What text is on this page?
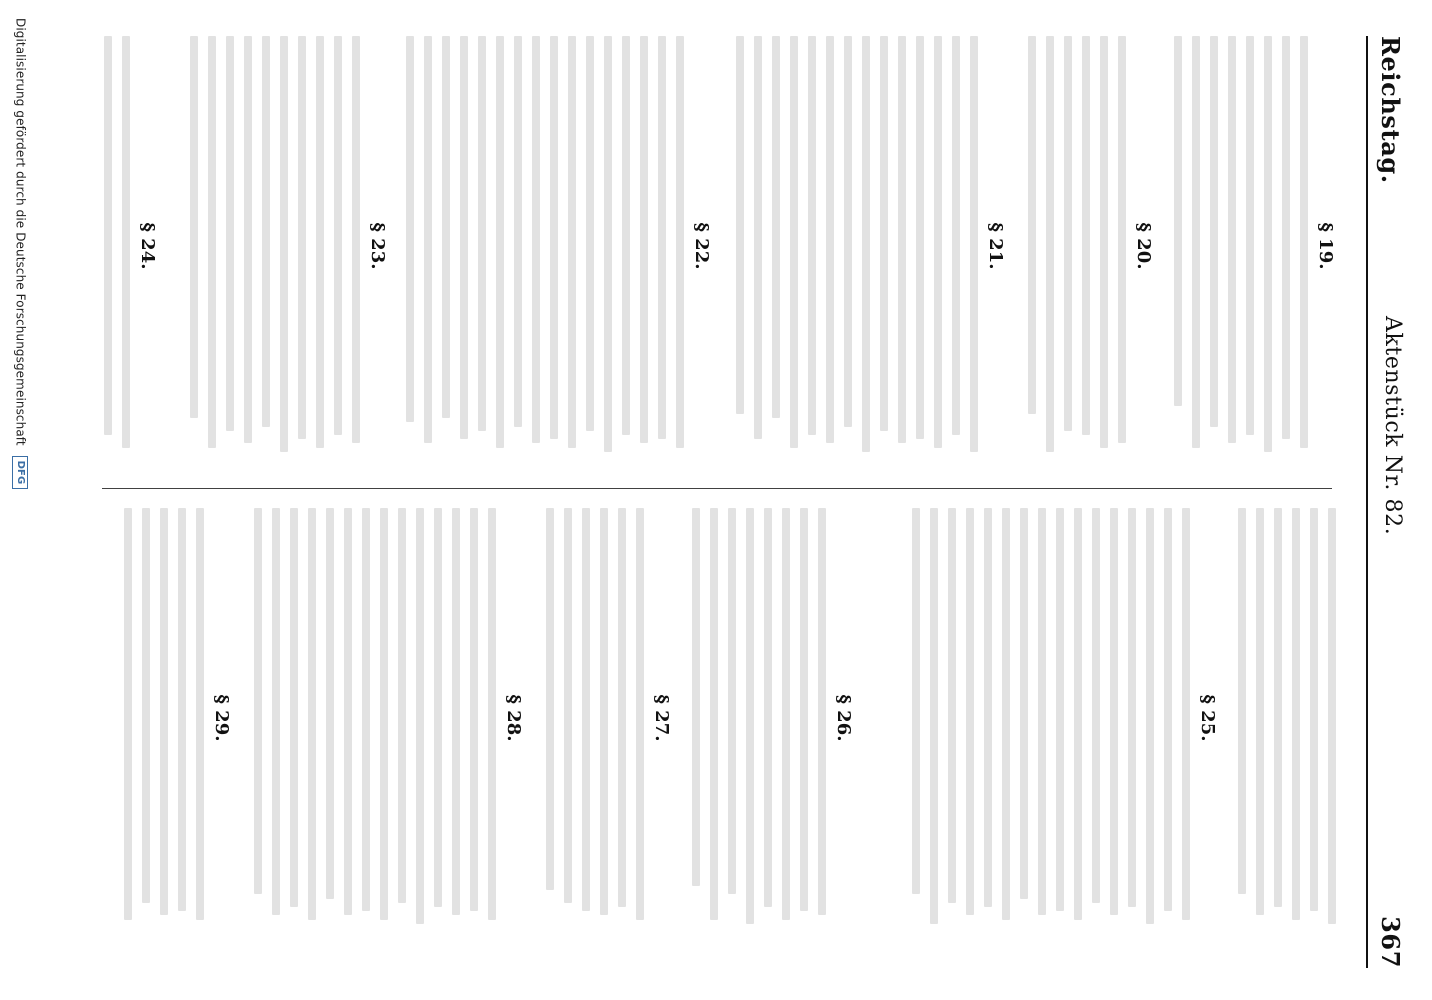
Reichstag.
Aktenstück Nr. 82.
367
§ 19.
§ 20.
§ 21.
§ 22.
§ 23.
§ 24.
§ 25.
§ 26.
§ 27.
§ 28.
§ 29.
Digitalisierung gefördert durch die Deutsche Forschungsgemeinschaft DFG
